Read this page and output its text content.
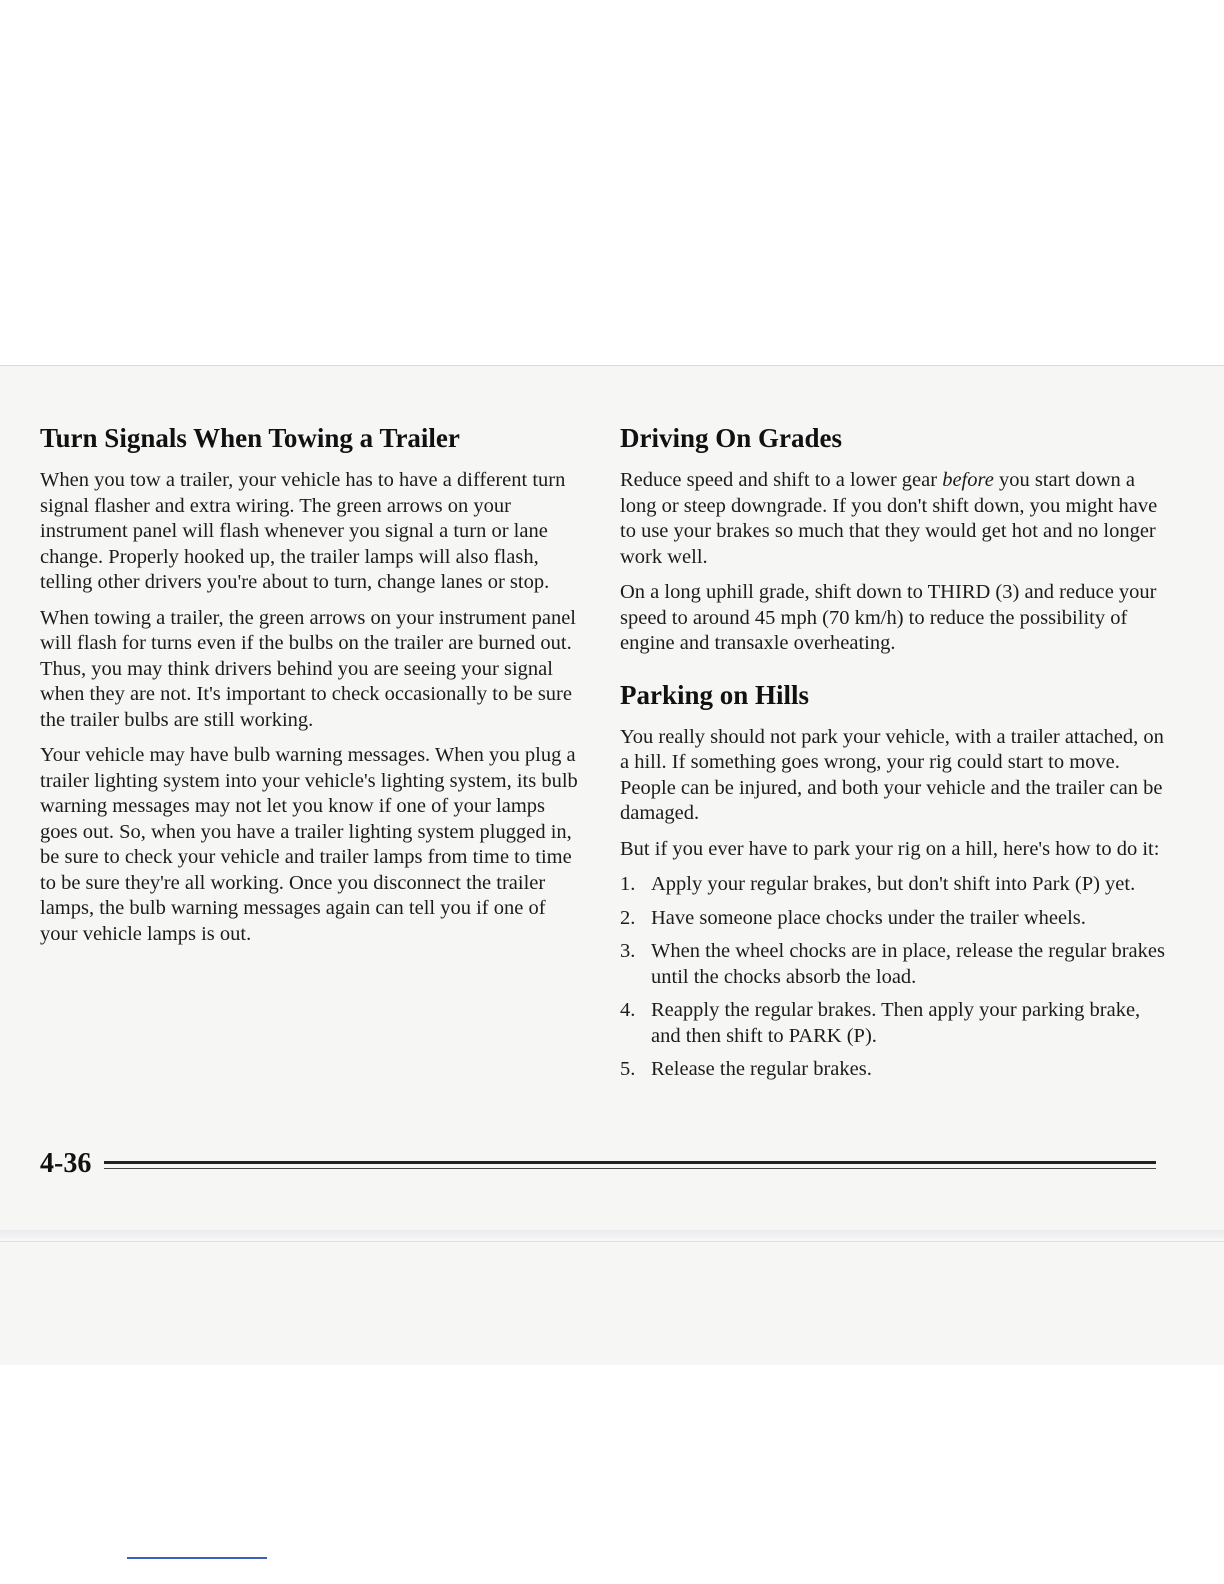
Turn Signals When Towing a Trailer

When you tow a trailer, your vehicle has to have a different turn signal flasher and extra wiring. The green arrows on your instrument panel will flash whenever you signal a turn or lane change. Properly hooked up, the trailer lamps will also flash, telling other drivers you're about to turn, change lanes or stop.

When towing a trailer, the green arrows on your instrument panel will flash for turns even if the bulbs on the trailer are burned out. Thus, you may think drivers behind you are seeing your signal when they are not. It's important to check occasionally to be sure the trailer bulbs are still working.

Your vehicle may have bulb warning messages. When you plug a trailer lighting system into your vehicle's lighting system, its bulb warning messages may not let you know if one of your lamps goes out. So, when you have a trailer lighting system plugged in, be sure to check your vehicle and trailer lamps from time to time to be sure they're all working. Once you disconnect the trailer lamps, the bulb warning messages again can tell you if one of your vehicle lamps is out.

Driving On Grades

Reduce speed and shift to a lower gear before you start down a long or steep downgrade. If you don't shift down, you might have to use your brakes so much that they would get hot and no longer work well.

On a long uphill grade, shift down to THIRD (3) and reduce your speed to around 45 mph (70 km/h) to reduce the possibility of engine and transaxle overheating.

Parking on Hills

You really should not park your vehicle, with a trailer attached, on a hill. If something goes wrong, your rig could start to move. People can be injured, and both your vehicle and the trailer can be damaged.

But if you ever have to park your rig on a hill, here's how to do it:

1. Apply your regular brakes, but don't shift into Park (P) yet.
2. Have someone place chocks under the trailer wheels.
3. When the wheel chocks are in place, release the regular brakes until the chocks absorb the load.
4. Reapply the regular brakes. Then apply your parking brake, and then shift to PARK (P).
5. Release the regular brakes.
4-36
